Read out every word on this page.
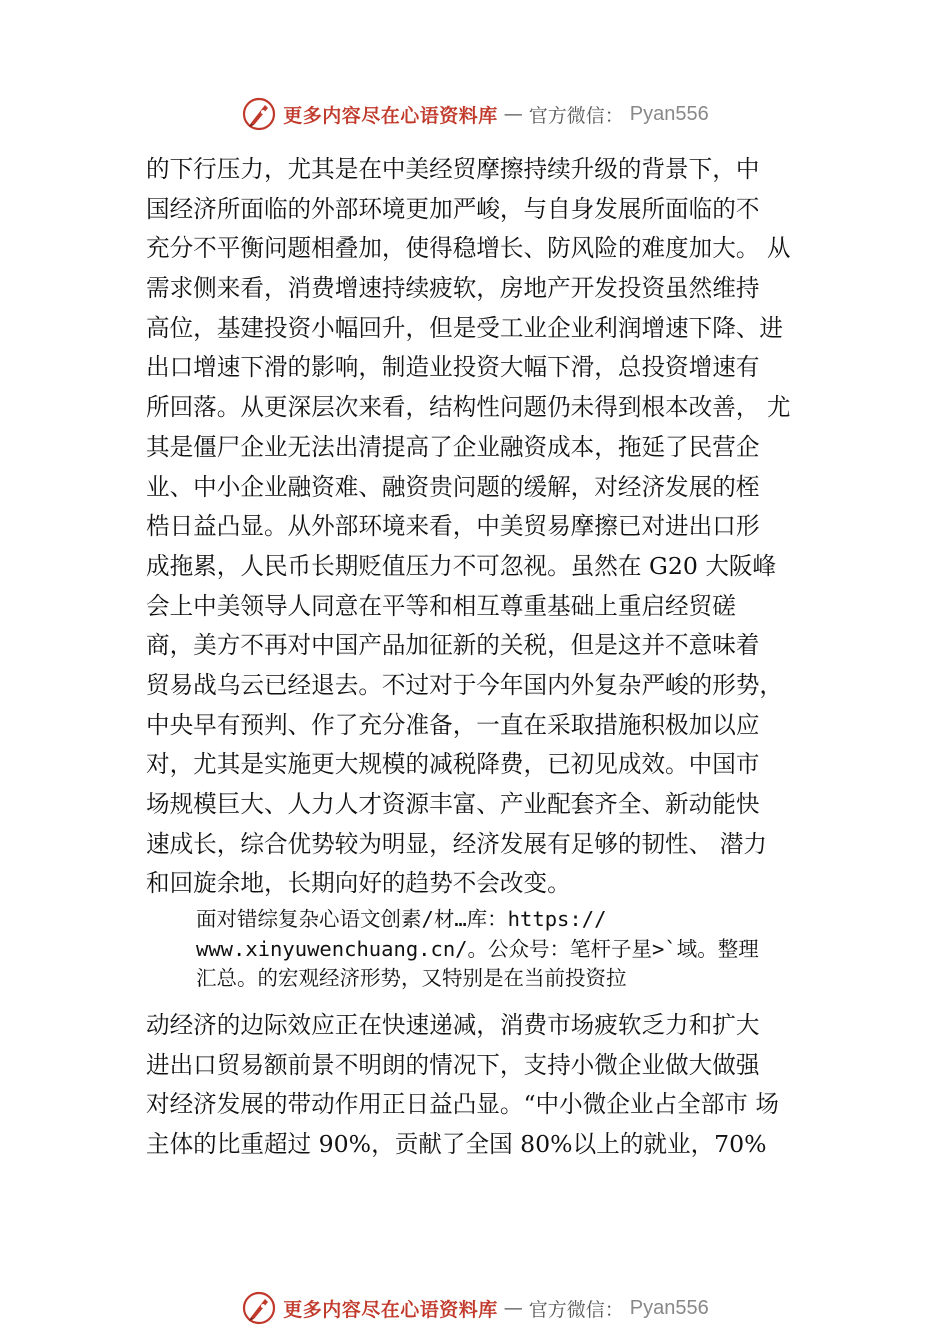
更多内容尽在心语资料库 — 官方微信： Pyan556
的下行压力，尤其是在中美经贸摩擦持续升级的背景下，中
国经济所面临的外部环境更加严峻，与自身发展所面临的不
充分不平衡问题相叠加，使得稳增长、防风险的难度加大。 从
需求侧来看，消费增速持续疲软，房地产开发投资虽然维持
高位，基建投资小幅回升，但是受工业企业利润增速下降、进
出口增速下滑的影响，制造业投资大幅下滑，总投资增速有
所回落。从更深层次来看，结构性问题仍未得到根本改善， 尤
其是僵尸企业无法出清提高了企业融资成本，拖延了民营企
业、中小企业融资难、融资贵问题的缓解，对经济发展的桎
梏日益凸显。从外部环境来看，中美贸易摩擦已对进出口形
成拖累，人民币长期贬值压力不可忽视。虽然在 G20 大阪峰
会上中美领导人同意在平等和相互尊重基础上重启经贸磋
商，美方不再对中国产品加征新的关税，但是这并不意味着
贸易战乌云已经退去。不过对于今年国内外复杂严峻的形势，
中央早有预判、作了充分准备，一直在采取措施积极加以应
对，尤其是实施更大规模的减税降费，已初见成效。中国市
场规模巨大、人力人才资源丰富、产业配套齐全、新动能快
速成长，综合优势较为明显，经济发展有足够的韧性、 潜力
和回旋余地，长期向好的趋势不会改变。
面对错综复杂心语文创素/材…库：https://
www.xinyuwenchuang.cn/。公众号：笔杆子星>`域。整理
汇总。的宏观经济形势，又特别是在当前投资拉
动经济的边际效应正在快速递减，消费市场疲软乏力和扩大
进出口贸易额前景不明朗的情况下，支持小微企业做大做强
对经济发展的带动作用正日益凸显。“中小微企业占全部市 场
主体的比重超过 90%，贡献了全国 80%以上的就业，70%
更多内容尽在心语资料库 — 官方微信： Pyan556
